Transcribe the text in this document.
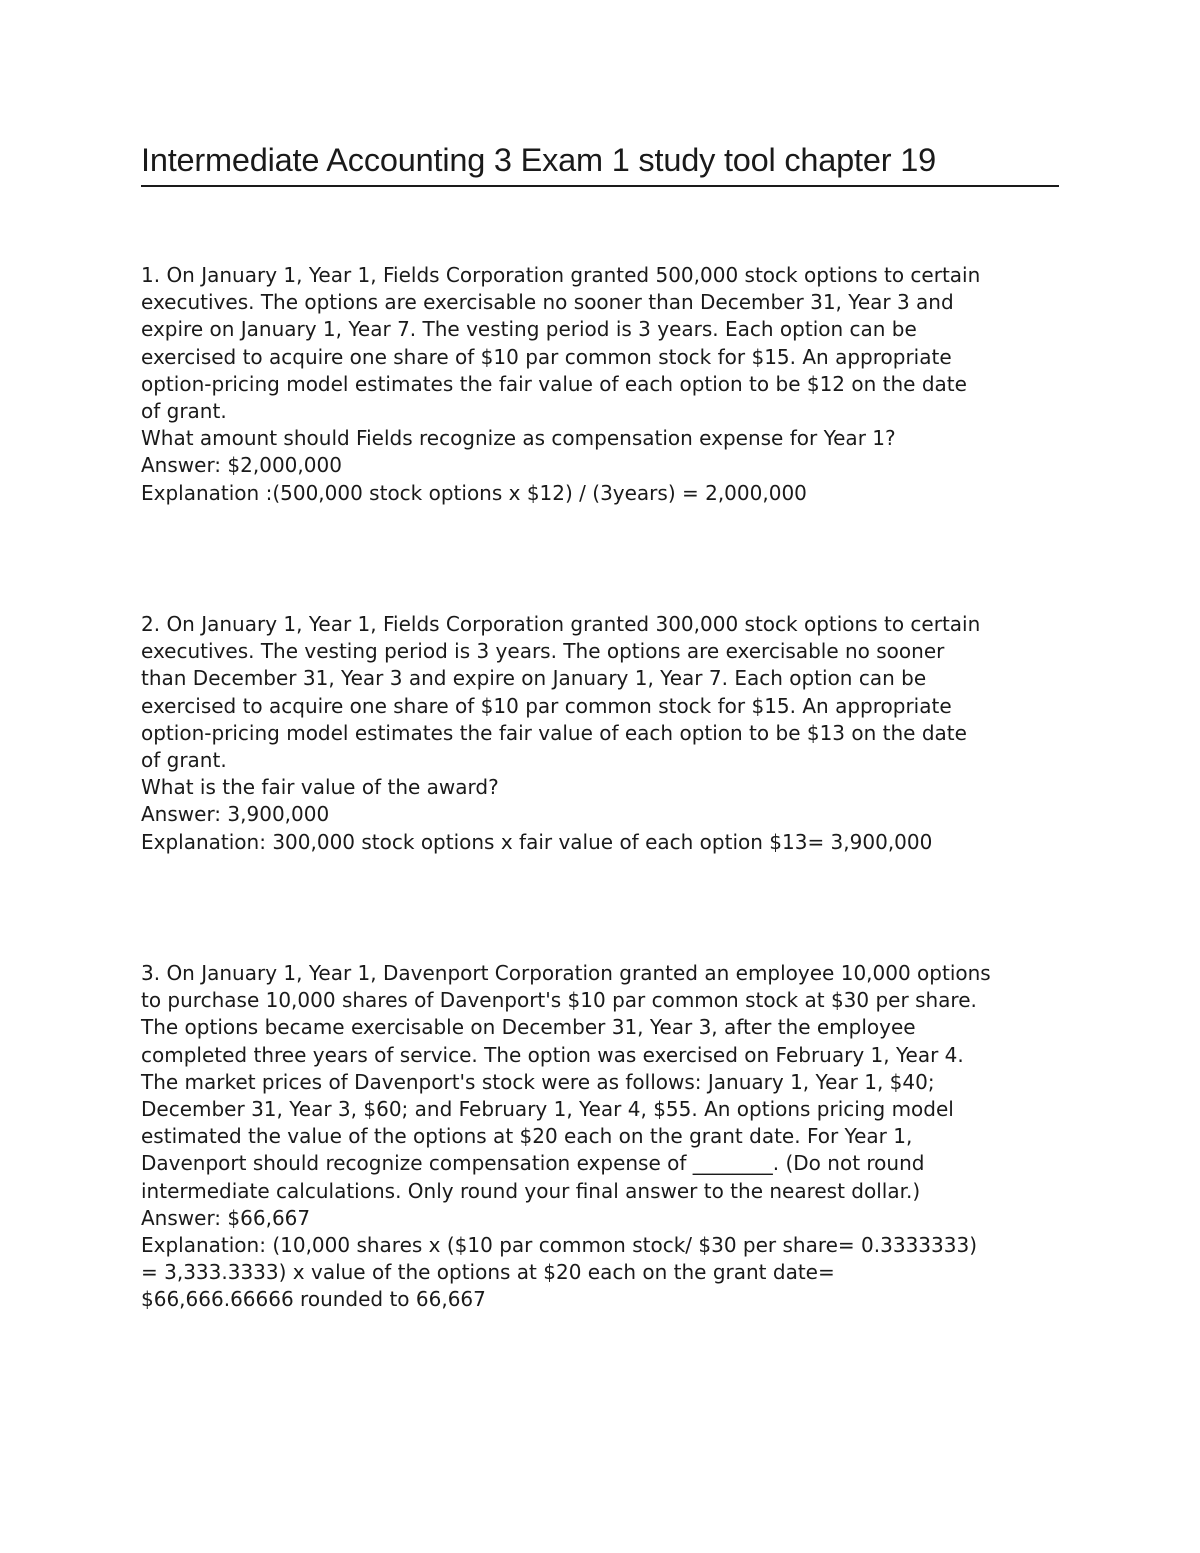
Intermediate Accounting 3 Exam 1 study tool chapter 19

1. On January 1, Year 1, Fields Corporation granted 500,000 stock options to certain
executives. The options are exercisable no sooner than December 31, Year 3 and
expire on January 1, Year 7. The vesting period is 3 years. Each option can be
exercised to acquire one share of $10 par common stock for $15. An appropriate
option-pricing model estimates the fair value of each option to be $12 on the date
of grant.

What amount should Fields recognize as compensation expense for Year 1?

Answer: $2,000,000

Explanation :(500,000 stock options x $12) / (3years) = 2,000,000

2. On January 1, Year 1, Fields Corporation granted 300,000 stock options to certain
executives. The vesting period is 3 years. The options are exercisable no sooner
than December 31, Year 3 and expire on January 1, Year 7. Each option can be
exercised to acquire one share of $10 par common stock for $15. An appropriate
option-pricing model estimates the fair value of each option to be $13 on the date
of grant.

What is the fair value of the award?

Answer: 3,900,000

Explanation: 300,000 stock options x fair value of each option $13= 3,900,000

3. On January 1, Year 1, Davenport Corporation granted an employee 10,000 options
to purchase 10,000 shares of Davenport's $10 par common stock at $30 per share.
The options became exercisable on December 31, Year 3, after the employee
completed three years of service. The option was exercised on February 1, Year 4.
The market prices of Davenport's stock were as follows: January 1, Year 1, $40;
December 31, Year 3, $60; and February 1, Year 4, $55. An options pricing model
estimated the value of the options at $20 each on the grant date. For Year 1,
Davenport should recognize compensation expense of ________. (Do not round
intermediate calculations. Only round your final answer to the nearest dollar.)

Answer: $66,667

Explanation: (10,000 shares x ($10 par common stock/ $30 per share= 0.3333333)
= 3,333.3333) x value of the options at $20 each on the grant date=
$66,666.66666 rounded to 66,667
